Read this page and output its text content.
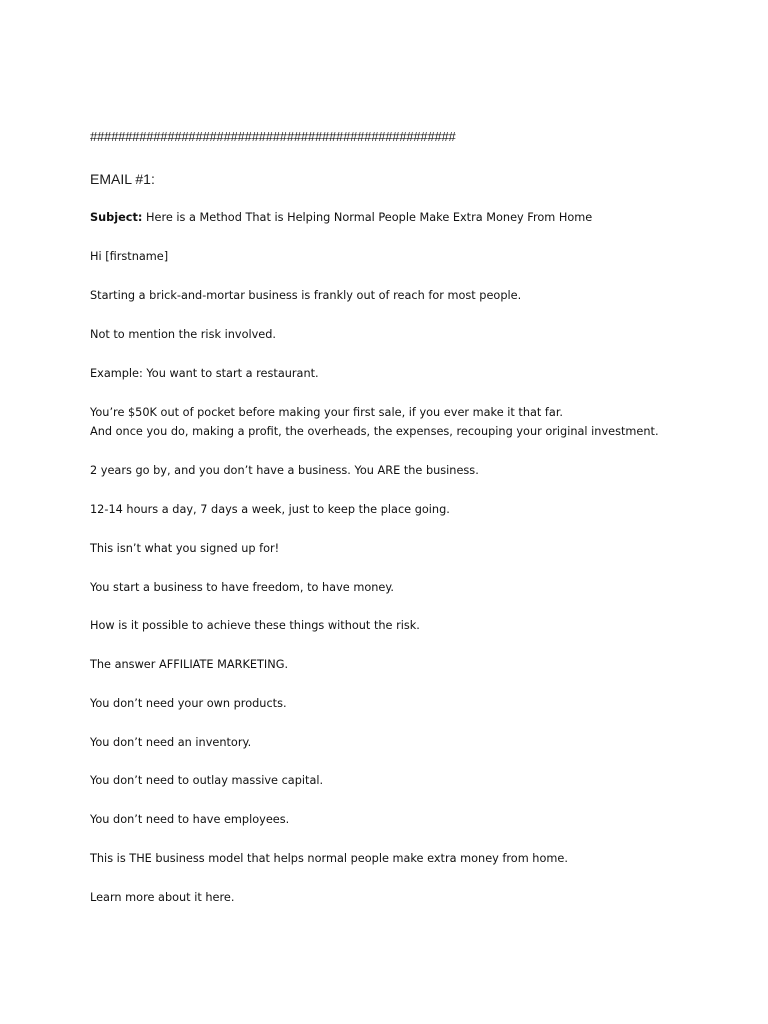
####################################################
EMAIL #1:
Subject: Here is a Method That is Helping Normal People Make Extra Money From Home
Hi [firstname]
Starting a brick-and-mortar business is frankly out of reach for most people.
Not to mention the risk involved.
Example: You want to start a restaurant.
You’re $50K out of pocket before making your first sale, if you ever make it that far.
And once you do, making a profit, the overheads, the expenses, recouping your original investment.
2 years go by, and you don’t have a business. You ARE the business.
12-14 hours a day, 7 days a week, just to keep the place going.
This isn’t what you signed up for!
You start a business to have freedom, to have money.
How is it possible to achieve these things without the risk.
The answer AFFILIATE MARKETING.
You don’t need your own products.
You don’t need an inventory.
You don’t need to outlay massive capital.
You don’t need to have employees.
This is THE business model that helps normal people make extra money from home.
Learn more about it here.
